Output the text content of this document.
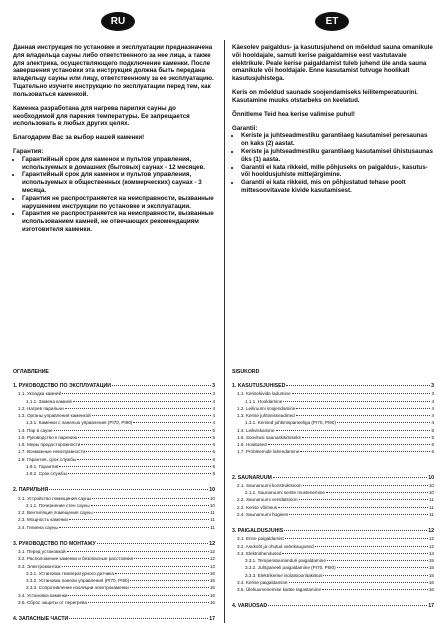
RU	ET

Данная инструкция по установке и эксплуатации предназначена для владельца сауны либо ответственного за нее лица, а также для электрика, осуществляющего подключение каменки. После завершения установки эта инструкция должна быть передана владельцу сауны или лицу, ответственному за ее эксплуатацию. Тщательно изучите инструкцию по эксплуатации перед тем, как пользоваться каменкой.

Каменка разработана для нагрева парилки сауны до необходимой для парения температуры. Ее запрещается использовать в любых других целях.

Благодарим Вас за выбор нашей каменки!

Гарантия:
• Гарантийный срок для каменок и пультов управления, используемых в домашних (бытовых) саунах - 12 месяцев.
• Гарантийный срок для каменок и пультов управления, используемых в общественных (коммерческих) саунах - 3 месяца.
• Гарантия не распространяется на неисправности, вызванные нарушением инструкции по установке и эксплуатации.
• Гарантия не распространяется на неисправности, вызванные использованием камней, не отвечающих рекомендациям изготовителя каменки.

Käesolev paigaldus- ja kasutusjuhend on mõeldud sauna omanikule või hooldajale, samuti kerise paigaldamise eest vastutavale elektrikule. Peale kerise paigaldamist tuleb juhend üle anda sauna omanikule või hooldajale. Enne kasutamist tutvuge hoolikalt kasutusjuhistega.

Keris on mõeldud saunade soojendamiseks leilitemperatuurini. Kasutamine muuks otstarbeks on keelatud.

Õnnitleme Teid hea kerise valimise puhul!

Garantii:
• Keriste ja juhtseadmestiku garantiiaeg kasutamisel peresaunas on kaks (2) aastat.
• Keriste ja juhtseadmestiku garantiiaeg kasutamisel ühistusaunas üks (1) aasta.
• Garantii ei kata rikkeid, mille põhjuseks on paigaldus-, kasutus- või hooldusjuhiste mittejärgimine.
• Garantii ei kata rikkeid, mis on põhjustatud tehase poolt mittesoovitavate kivide kasutamisest.
ОГЛАВЛЕНИЕ
1. РУКОВОДСТВО ПО ЭКСПЛУАТАЦИИ	3
1.1. Укладка камней	3
1.1.1. Замена камней	4
1.2. Нагрев парильни	4
1.3. Органы управления каменкой	4
1.3.1. Каменки с панелью управления (PI70, PI90)	4
1.4. Пар в сауне	5
1.5. Руководство к парению	5
1.6. Меры предосторожности	6
1.7. Возможные неисправности	6
1.8. Гарантия, срок службы	8
1.8.1. Гарантия	8
1.8.2. Срок службы	8
2. ПАРИЛЬНЯ	10
2.1. Устройство помещения сауны	10
2.1.1. Почернение стен сауны	10
2.2. Вентиляция помещения сауны	11
2.3. Мощность каменки	11
2.4. Гигиена сауны	11
3. РУКОВОДСТВО ПО МОНТАЖУ	12
3.1. Перед установкой	12
3.2. Расположение каменки и безопасные расстояния	12
3.3. Электромонтаж	13
3.3.1. Установка температурного датчика	15
3.3.2. Установка панели управления (PI70, PI90)	15
3.3.3. Сопротивление изоляции электрокаменки	15
3.4. Установка каменки	16
3.5. Сброс защиты от перегрева	16
4. ЗАПАСНЫЕ ЧАСТИ	17
SISUKORD
1. KASUTUSJUHISED	3
1.1. Kerisekivide laduminе	3
1.1.1. Hooldamine	4
1.2. Leiliruumi soojendamine	4
1.3. Kerise juhtimisseadmed	4
1.3.1. Kerised juhtimispaneeliga (PI70, PI90)	4
1.4. Leiliviskamine	5
1.5. Soovitusi saunaskäimiseks	5
1.6. Hoiatused	6
1.7. Probleemide lahendamine	6
2. SAUNARUUM	10
2.1. Saunaruumi konstruktsioon	10
2.1.1. Saunaruumi seinte mustenemine	10
2.2. Saunaruumi ventilatsioon	11
2.3. Kerise võimsus	11
2.4. Saunaruumi hügieen	11
3. PAIGALDUSJUHIS	12
3.1. Enne paigaldamist	12
3.2. Asukoht ja ohutud vahekaugused	12
3.3. Elektriühendused	13
3.3.1. Temperatuurianduri paigaldamine	15
3.3.2. Juhtpaneeli paigaldamine (PI70, PI90)	15
3.3.3. Elektrikerise isolatsioonitakistus	15
3.4. Kerise paigaldamine	16
3.5. Ülekuumenemise kaitse tagastamine	16
4. VARUOSAD	17
